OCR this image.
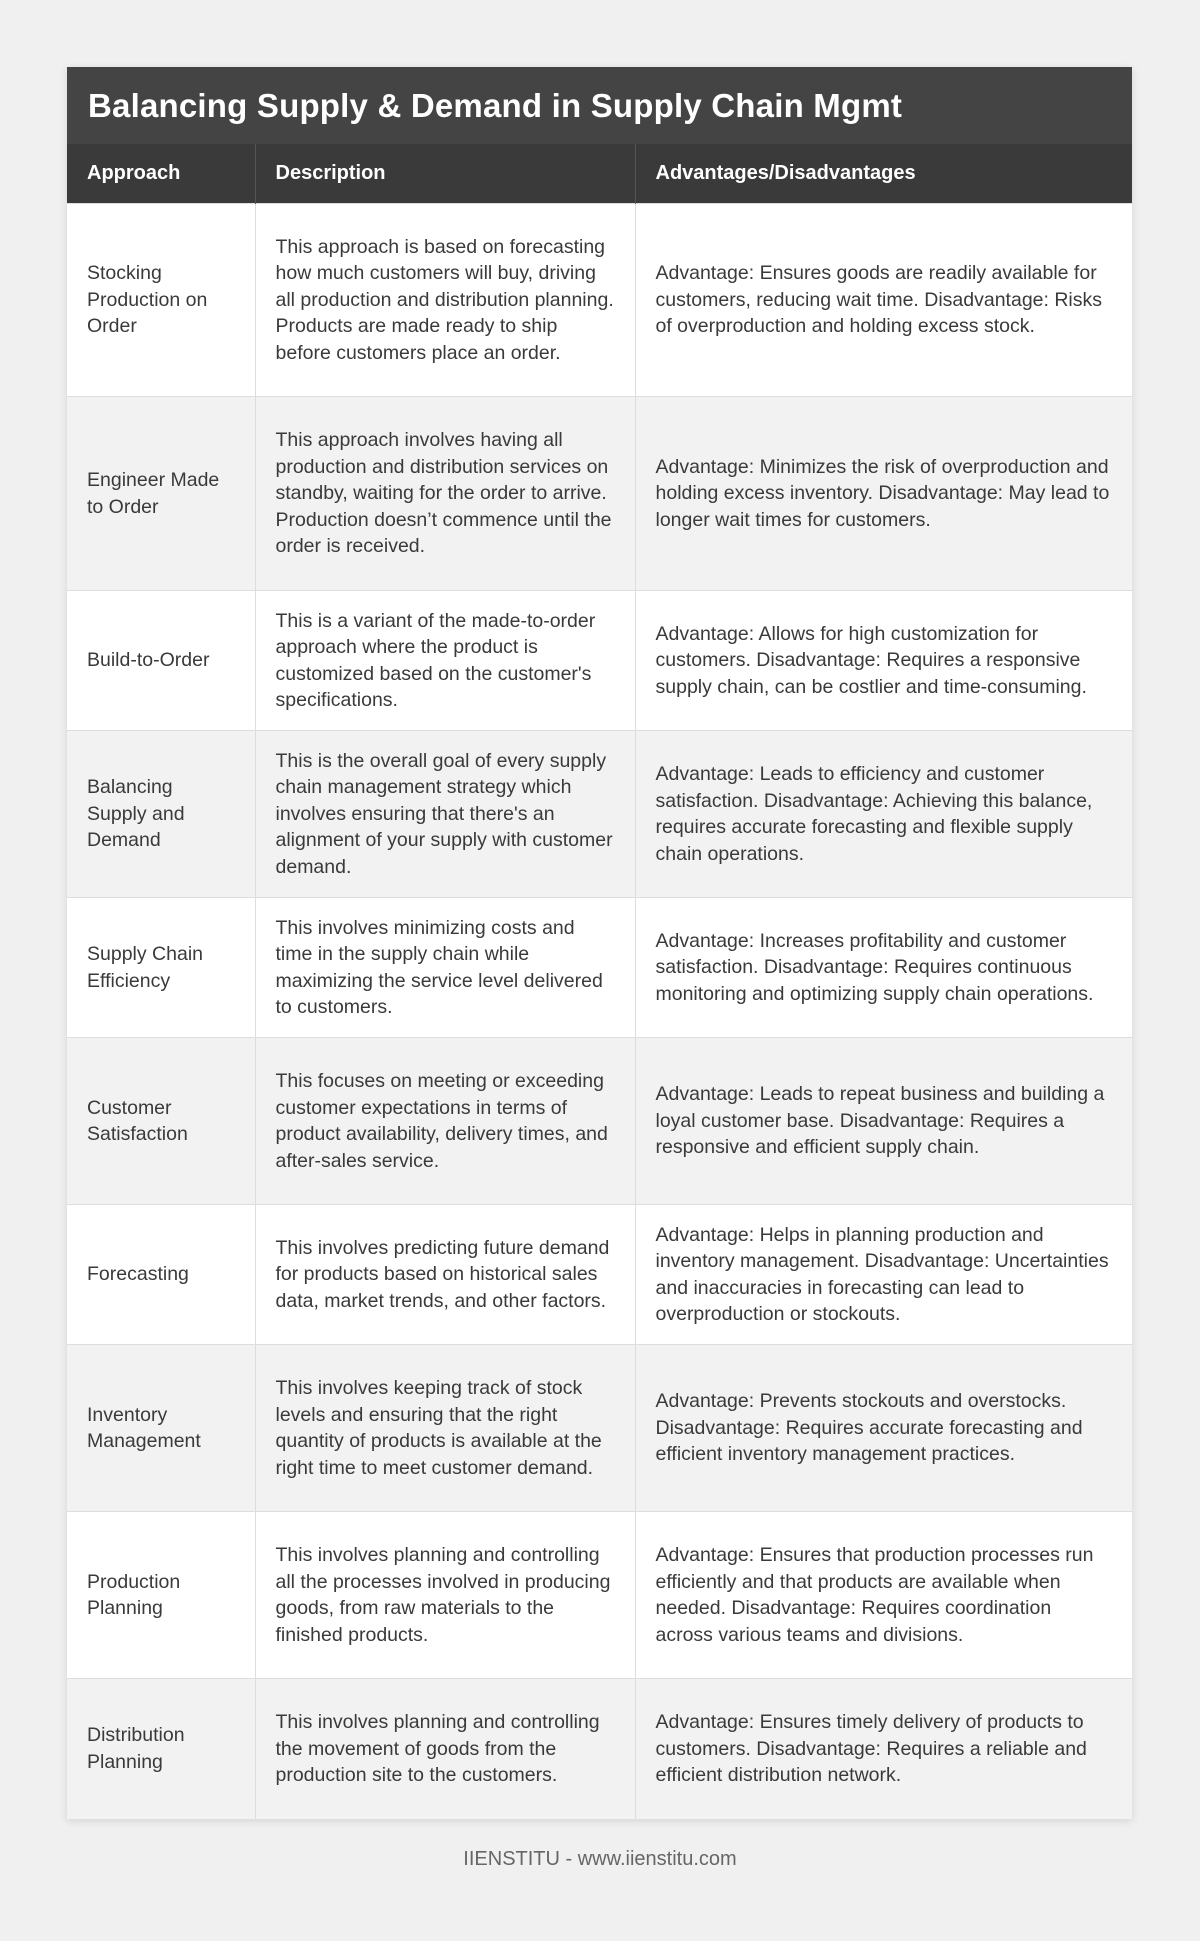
Balancing Supply & Demand in Supply Chain Mgmt
Approach	Description	Advantages/Disadvantages
Stocking Production on Order	This approach is based on forecasting how much customers will buy, driving all production and distribution planning. Products are made ready to ship before customers place an order.	Advantage: Ensures goods are readily available for customers, reducing wait time. Disadvantage: Risks of overproduction and holding excess stock.
Engineer Made to Order	This approach involves having all production and distribution services on standby, waiting for the order to arrive. Production doesn’t commence until the order is received.	Advantage: Minimizes the risk of overproduction and holding excess inventory. Disadvantage: May lead to longer wait times for customers.
Build-to-Order	This is a variant of the made-to-order approach where the product is customized based on the customer's specifications.	Advantage: Allows for high customization for customers. Disadvantage: Requires a responsive supply chain, can be costlier and time-consuming.
Balancing Supply and Demand	This is the overall goal of every supply chain management strategy which involves ensuring that there's an alignment of your supply with customer demand.	Advantage: Leads to efficiency and customer satisfaction. Disadvantage: Achieving this balance, requires accurate forecasting and flexible supply chain operations.
Supply Chain Efficiency	This involves minimizing costs and time in the supply chain while maximizing the service level delivered to customers.	Advantage: Increases profitability and customer satisfaction. Disadvantage: Requires continuous monitoring and optimizing supply chain operations.
Customer Satisfaction	This focuses on meeting or exceeding customer expectations in terms of product availability, delivery times, and after-sales service.	Advantage: Leads to repeat business and building a loyal customer base. Disadvantage: Requires a responsive and efficient supply chain.
Forecasting	This involves predicting future demand for products based on historical sales data, market trends, and other factors.	Advantage: Helps in planning production and inventory management. Disadvantage: Uncertainties and inaccuracies in forecasting can lead to overproduction or stockouts.
Inventory Management	This involves keeping track of stock levels and ensuring that the right quantity of products is available at the right time to meet customer demand.	Advantage: Prevents stockouts and overstocks. Disadvantage: Requires accurate forecasting and efficient inventory management practices.
Production Planning	This involves planning and controlling all the processes involved in producing goods, from raw materials to the finished products.	Advantage: Ensures that production processes run efficiently and that products are available when needed. Disadvantage: Requires coordination across various teams and divisions.
Distribution Planning	This involves planning and controlling the movement of goods from the production site to the customers.	Advantage: Ensures timely delivery of products to customers. Disadvantage: Requires a reliable and efficient distribution network.
IIENSTITU - www.iienstitu.com
